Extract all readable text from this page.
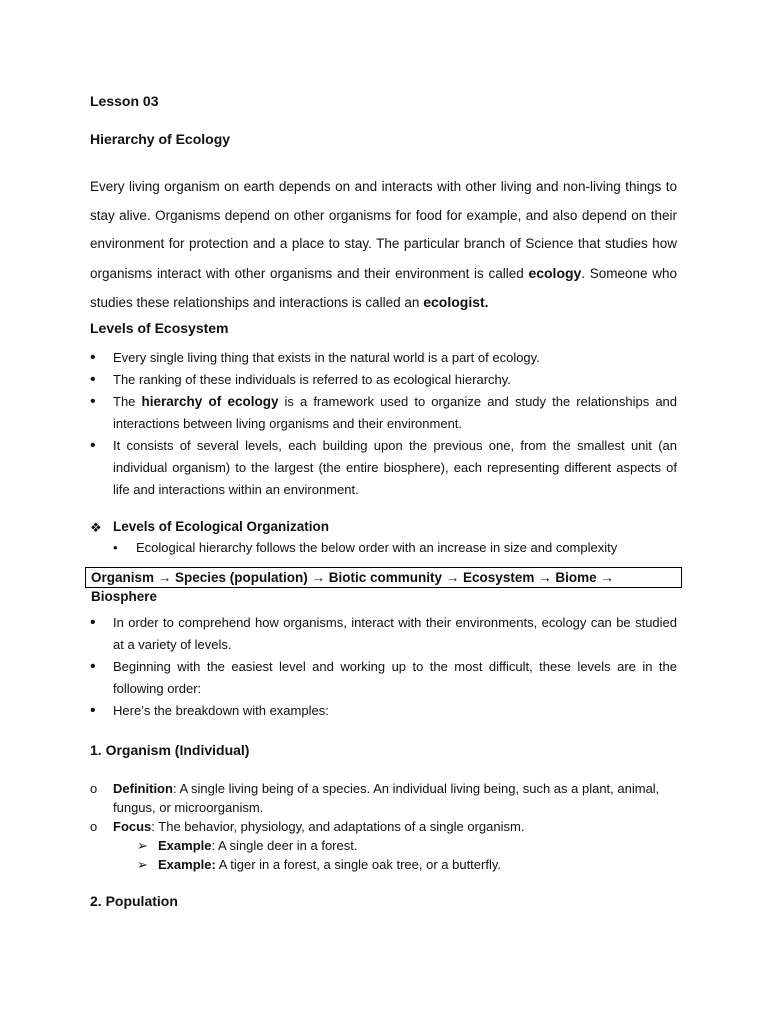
Lesson 03
Hierarchy of Ecology
Every living organism on earth depends on and interacts with other living and non-living things to stay alive. Organisms depend on other organisms for food for example, and also depend on their environment for protection and a place to stay. The particular branch of Science that studies how organisms interact with other organisms and their environment is called ecology. Someone who studies these relationships and interactions is called an ecologist.
Levels of Ecosystem
• Every single living thing that exists in the natural world is a part of ecology.
• The ranking of these individuals is referred to as ecological hierarchy.
• The hierarchy of ecology is a framework used to organize and study the relationships and interactions between living organisms and their environment.
• It consists of several levels, each building upon the previous one, from the smallest unit (an individual organism) to the largest (the entire biosphere), each representing different aspects of life and interactions within an environment.
❖ Levels of Ecological Organization
• Ecological hierarchy follows the below order with an increase in size and complexity
Organism → Species (population) → Biotic community → Ecosystem → Biome → Biosphere
• In order to comprehend how organisms, interact with their environments, ecology can be studied at a variety of levels.
• Beginning with the easiest level and working up to the most difficult, these levels are in the following order:
• Here’s the breakdown with examples:
1. Organism (Individual)
o Definition: A single living being of a species. An individual living being, such as a plant, animal, fungus, or microorganism.
o Focus: The behavior, physiology, and adaptations of a single organism.
➢ Example: A single deer in a forest.
➢ Example: A tiger in a forest, a single oak tree, or a butterfly.
2. Population
